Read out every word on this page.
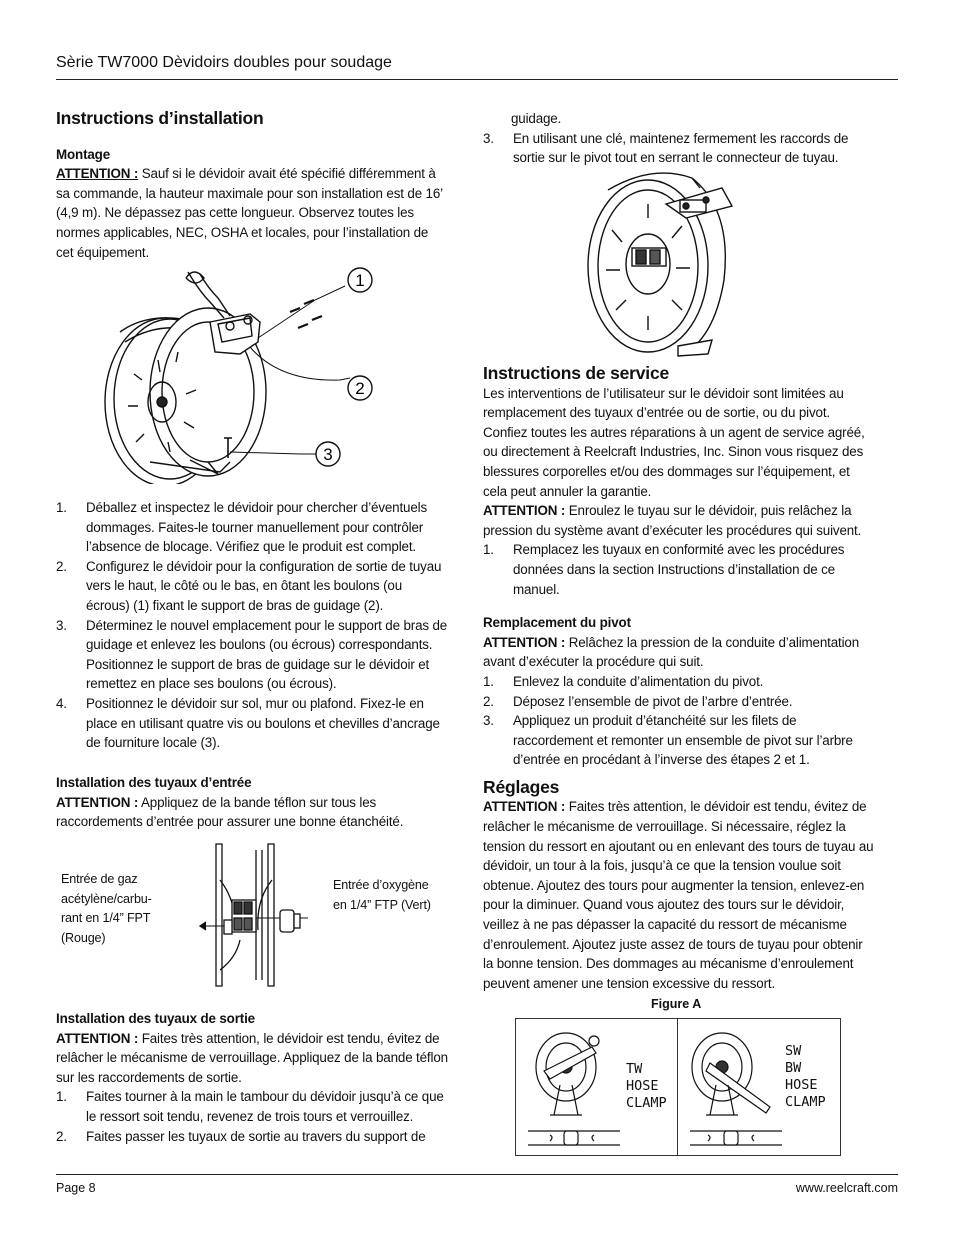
Sèrie TW7000 Dèvidoirs doubles pour soudage
Instructions d’installation
Montage

ATTENTION : Sauf si le dévidoir avait été spécifié différemment à sa commande, la hauteur maximale pour son installation est de 16’ (4,9 m). Ne dépassez pas cette longueur. Observez toutes les normes applicables, NEC, OSHA et locales, pour l’installation de cet équipement.

1
2
3
1. Déballez et inspectez le dévidoir pour chercher d’éventuels dommages. Faites-le tourner manuellement pour contrôler l’absence de blocage. Vérifiez que le produit est complet.
2. Configurez le dévidoir pour la configuration de sortie de tuyau vers le haut, le côté ou le bas, en ôtant les boulons (ou écrous) (1) fixant le support de bras de guidage (2).
3. Déterminez le nouvel emplacement pour le support de bras de guidage et enlevez les boulons (ou écrous) correspondants. Positionnez le support de bras de guidage sur le dévidoir et remettez en place ses boulons (ou écrous).
4. Positionnez le dévidoir sur sol, mur ou plafond. Fixez-le en place en utilisant quatre vis ou boulons et chevilles d’ancrage de fourniture locale (3).
Installation des tuyaux d’entrée

ATTENTION : Appliquez de la bande téflon sur tous les raccordements d’entrée pour assurer une bonne étanchéité.

Entrée de gaz acétylène/carbu-rant en 1/4” FPT (Rouge)
Entrée d’oxygène en 1/4” FTP (Vert)
Installation des tuyaux de sortie

ATTENTION : Faites très attention, le dévidoir est tendu, évitez de relâcher le mécanisme de verrouillage. Appliquez de la bande téflon sur les raccordements de sortie.

1. Faites tourner à la main le tambour du dévidoir jusqu’à ce que le ressort soit tendu, revenez de trois tours et verrouillez.
2. Faites passer les tuyaux de sortie au travers du support de

guidage.

3. En utilisant une clé, maintenez fermement les raccords de sortie sur le pivot tout en serrant le connecteur de tuyau.
Instructions de service

Les interventions de l’utilisateur sur le dévidoir sont limitées au remplacement des tuyaux d’entrée ou de sortie, ou du pivot. Confiez toutes les autres réparations à un agent de service agréé, ou directement à Reelcraft Industries, Inc. Sinon vous risquez des blessures corporelles et/ou des dommages sur l’équipement, et cela peut annuler la garantie.

ATTENTION : Enroulez le tuyau sur le dévidoir, puis relâchez la pression du système avant d’exécuter les procédures qui suivent.

1. Remplacez les tuyaux en conformité avec les procédures données dans la section Instructions d’installation de ce manuel.
Remplacement du pivot

ATTENTION : Relâchez la pression de la conduite d’alimentation avant d’exécuter la procédure qui suit.

1. Enlevez la conduite d’alimentation du pivot.
2. Déposez l’ensemble de pivot de l’arbre d’entrée.
3. Appliquez un produit d’étanchéité sur les filets de raccordement et remonter un ensemble de pivot sur l’arbre d’entrée en procédant à l’inverse des étapes 2 et 1.
Réglages

ATTENTION : Faites très attention, le dévidoir est tendu, évitez de relâcher le mécanisme de verrouillage. Si nécessaire, réglez la tension du ressort en ajoutant ou en enlevant des tours de tuyau au dévidoir, un tour à la fois, jusqu’à ce que la tension voulue soit obtenue. Ajoutez des tours pour augmenter la tension, enlevez-en pour la diminuer. Quand vous ajoutez des tours sur le dévidoir, veillez à ne pas dépasser la capacité du ressort de mécanisme d’enroulement. Ajoutez juste assez de tours de tuyau pour obtenir la bonne tension. Des dommages au mécanisme d’enroulement peuvent amener une tension excessive du ressort.

Figure A
TW
HOSE
CLAMP
SW
BW
HOSE
CLAMP
Page 8	www.reelcraft.com
